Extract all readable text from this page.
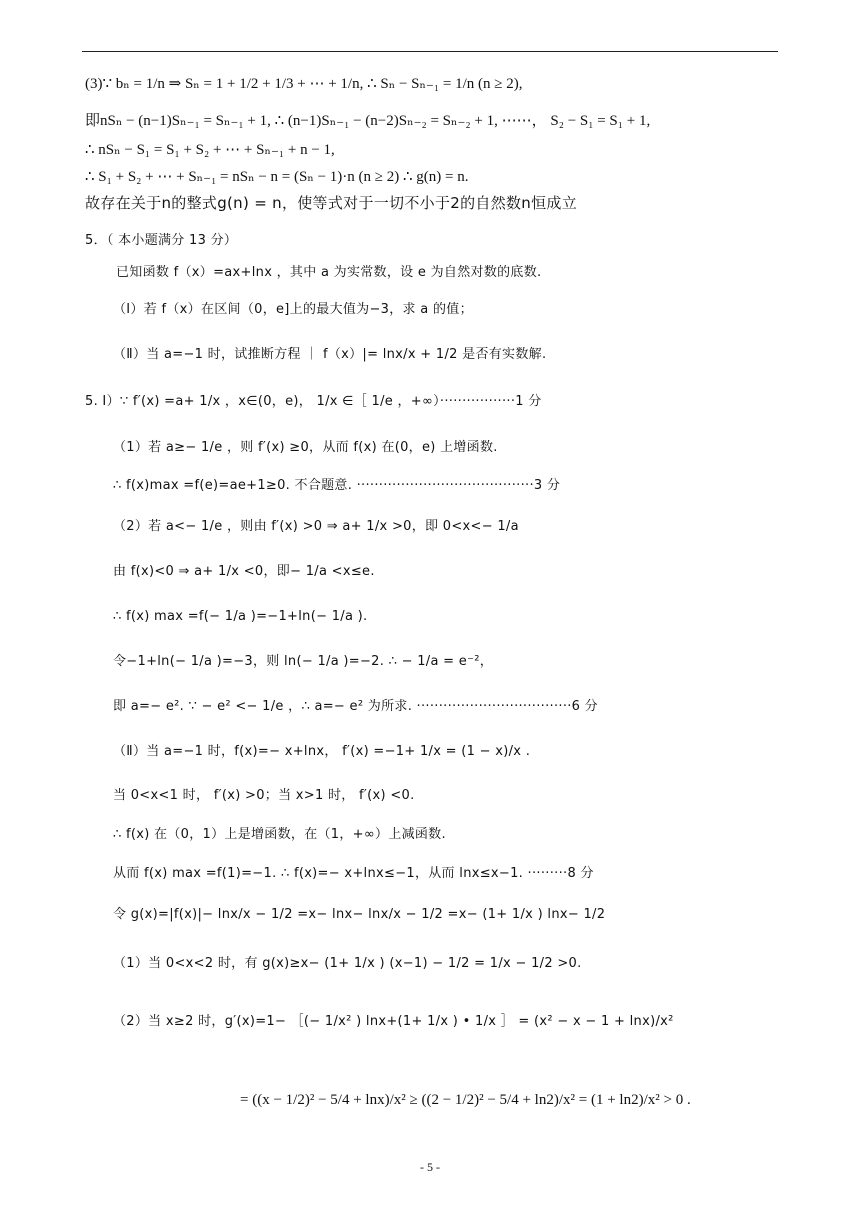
(3)∵ bₙ = 1/n ⇒ Sₙ = 1 + 1/2 + 1/3 + ⋯ + 1/n, ∴ Sₙ − Sₙ₋₁ = 1/n (n ≥ 2),
即nSₙ − (n−1)Sₙ₋₁ = Sₙ₋₁ + 1, ∴ (n−1)Sₙ₋₁ − (n−2)Sₙ₋₂ = Sₙ₋₂ + 1, ⋯⋯， S₂ − S₁ = S₁ + 1,
∴ nSₙ − S₁ = S₁ + S₂ + ⋯ + Sₙ₋₁ + n − 1,
∴ S₁ + S₂ + ⋯ + Sₙ₋₁ = nSₙ − n = (Sₙ − 1)·n (n ≥ 2) ∴ g(n) = n.
故存在关于n的整式g(n) = n，使等式对于一切不小于2的自然数n恒成立
5．（ 本小题满分 13 分）
已知函数 f（x）=ax+lnx ，其中 a 为实常数，设 e 为自然对数的底数.
（Ⅰ）若 f（x）在区间（0，e]上的最大值为−3，求 a 的值；
（Ⅱ）当 a=−1 时，试推断方程 ｜ f（x）|= lnx/x + 1/2 是否有实数解.
5. Ⅰ）∵ f′(x) =a+ 1/x ，x∈(0，e)， 1/x ∈［ 1/e ，+∞）·················1 分
（1）若 a≥− 1/e ，则 f′(x) ≥0，从而 f(x) 在(0，e) 上增函数.
∴ f(x)max =f(e)=ae+1≥0. 不合题意. ········································3 分
（2）若 a<− 1/e ，则由 f′(x) >0 ⇒ a+ 1/x >0，即 0<x<− 1/a
由 f(x)<0 ⇒ a+ 1/x <0，即− 1/a <x≤e.
∴ f(x) max =f(− 1/a )=−1+ln(− 1/a ).
令−1+ln(− 1/a )=−3，则 ln(− 1/a )=−2. ∴ − 1/a = e⁻²，
即 a=− e². ∵ − e² <− 1/e ，∴ a=− e² 为所求. ···································6 分
（Ⅱ）当 a=−1 时，f(x)=− x+lnx， f′(x) =−1+ 1/x = (1 − x)/x .
当 0<x<1 时， f′(x) >0；当 x>1 时， f′(x) <0.
∴ f(x) 在（0，1）上是增函数，在（1，+∞）上减函数.
从而 f(x) max =f(1)=−1. ∴ f(x)=− x+lnx≤−1，从而 lnx≤x−1. ·········8 分
令 g(x)=|f(x)|− lnx/x − 1/2 =x− lnx− lnx/x − 1/2 =x− (1+ 1/x ) lnx− 1/2
（1）当 0<x<2 时，有 g(x)≥x− (1+ 1/x ) (x−1) − 1/2 = 1/x − 1/2 >0.
（2）当 x≥2 时，g′(x)=1− ［(− 1/x² ) lnx+(1+ 1/x ) • 1/x ］ = (x² − x − 1 + lnx)/x²
= ((x − 1/2)² − 5/4 + lnx)/x² ≥ ((2 − 1/2)² − 5/4 + ln2)/x² = (1 + ln2)/x² > 0 .
- 5 -
